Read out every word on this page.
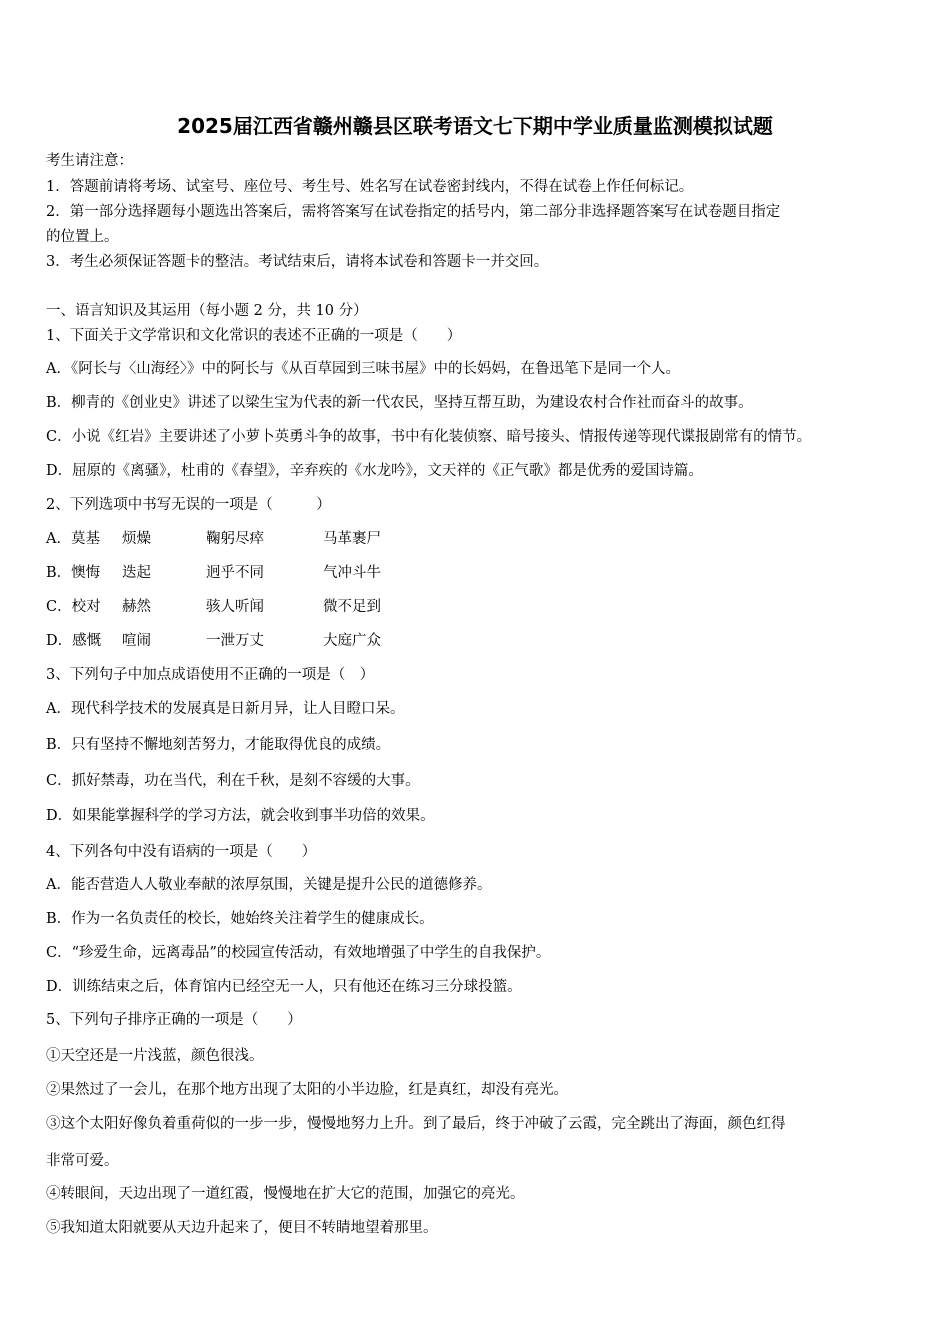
2025届江西省赣州赣县区联考语文七下期中学业质量监测模拟试题
考生请注意：
1．答题前请将考场、试室号、座位号、考生号、姓名写在试卷密封线内，不得在试卷上作任何标记。
2．第一部分选择题每小题选出答案后，需将答案写在试卷指定的括号内，第二部分非选择题答案写在试卷题目指定
的位置上。
3．考生必须保证答题卡的整洁。考试结束后，请将本试卷和答题卡一并交回。
一、语言知识及其运用（每小题 2 分，共 10 分）
1、下面关于文学常识和文化常识的表述不正确的一项是（　　）
A．《阿长与〈山海经〉》中的阿长与《从百草园到三味书屋》中的长妈妈，在鲁迅笔下是同一个人。
B．柳青的《创业史》讲述了以梁生宝为代表的新一代农民，坚持互帮互助，为建设农村合作社而奋斗的故事。
C．小说《红岩》主要讲述了小萝卜英勇斗争的故事，书中有化装侦察、暗号接头、情报传递等现代谍报剧常有的情节。
D．屈原的《离骚》，杜甫的《春望》，辛弃疾的《水龙吟》，文天祥的《正气歌》都是优秀的爱国诗篇。
2、下列选项中书写无误的一项是（　　　）
A．莫基 烦燥	鞠躬尽瘁	马革裹尸
B．懊悔 迭起	迥乎不同	气冲斗牛
C．校对 赫然	骇人听闻	微不足到
D．感慨 喧闹	一泄万丈	大庭广众
3、下列句子中加点成语使用不正确的一项是（　）
A．现代科学技术的发展真是日新月异，让人目瞪口呆。
B．只有坚持不懈地刻苦努力，才能取得优良的成绩。
C．抓好禁毒，功在当代，利在千秋，是刻不容缓的大事。
D．如果能掌握科学的学习方法，就会收到事半功倍的效果。
4、下列各句中没有语病的一项是（　　）
A．能否营造人人敬业奉献的浓厚氛围，关键是提升公民的道德修养。
B．作为一名负责任的校长，她始终关注着学生的健康成长。
C．“珍爱生命，远离毒品”的校园宣传活动，有效地增强了中学生的自我保护。
D．训练结束之后，体育馆内已经空无一人，只有他还在练习三分球投篮。
5、下列句子排序正确的一项是（　　）
①天空还是一片浅蓝，颜色很浅。
②果然过了一会儿，在那个地方出现了太阳的小半边脸，红是真红，却没有亮光。
③这个太阳好像负着重荷似的一步一步，慢慢地努力上升。到了最后，终于冲破了云霞，完全跳出了海面，颜色红得
非常可爱。
④转眼间，天边出现了一道红霞，慢慢地在扩大它的范围，加强它的亮光。
⑤我知道太阳就要从天边升起来了，便目不转睛地望着那里。
